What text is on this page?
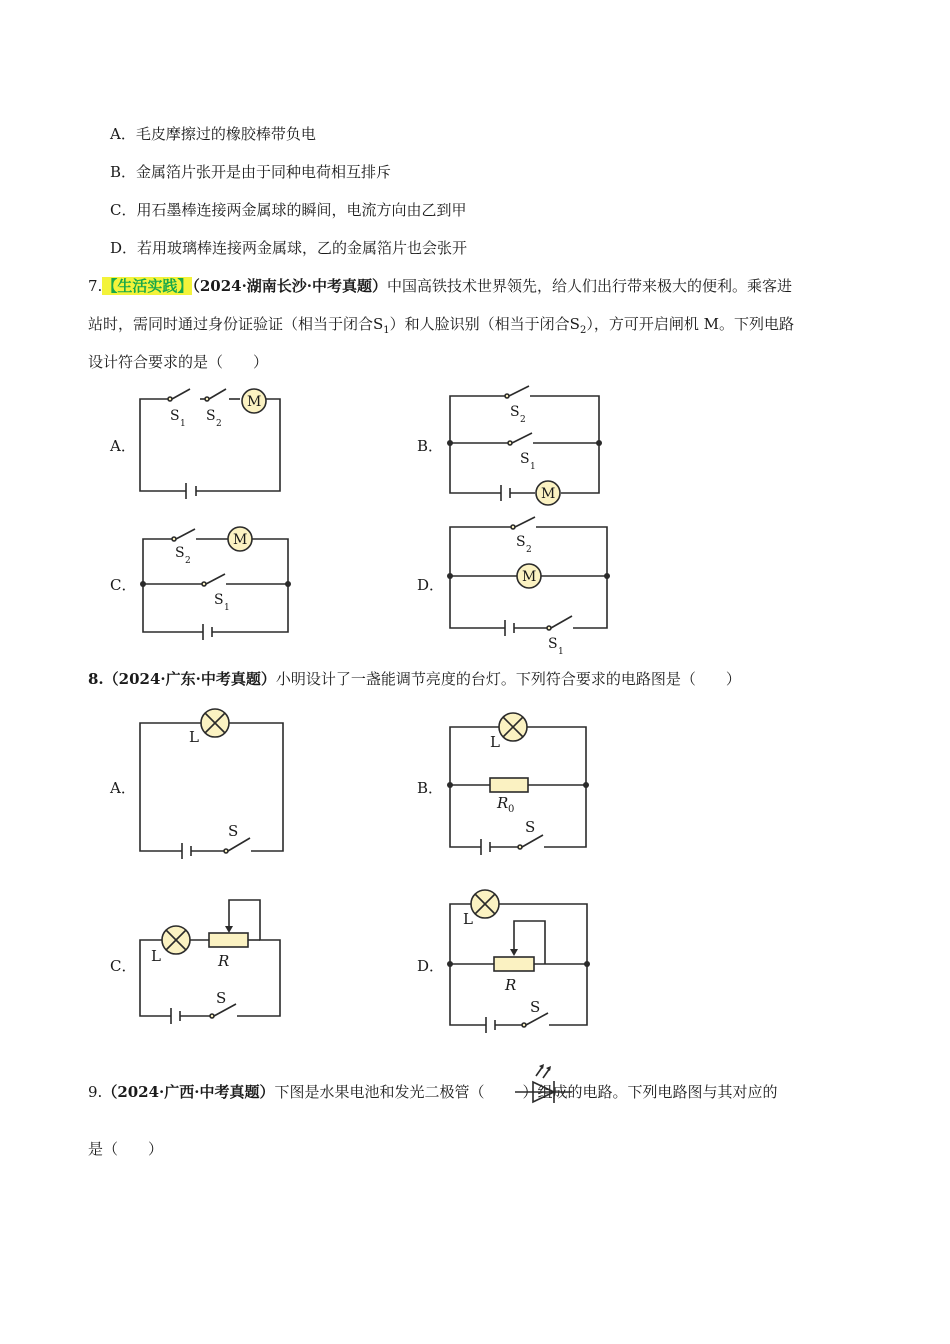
A．毛皮摩擦过的橡胶棒带负电
B．金属箔片张开是由于同种电荷相互排斥
C．用石墨棒连接两金属球的瞬间，电流方向由乙到甲
D．若用玻璃棒连接两金属球，乙的金属箔片也会张开
7.【生活实践】（2024·湖南长沙·中考真题）中国高铁技术世界领先，给人们出行带来极大的便利。乘客进
站时，需同时通过身份证验证（相当于闭合$S_1$）和人脸识别（相当于闭合$S_2$），方可开启闸机 M。下列电路
设计符合要求的是（　　）
A．	B．
C．	D．
M
S 1 S 2
M
S 2
S 1
M
S 2
S 1
M
S 2
S 1
8.（2024·广东·中考真题）小明设计了一盏能调节亮度的台灯。下列符合要求的电路图是（　　）
A．	B．
C．	D．
L
S
L
R 0
S
L	R
S
L
R
S
9.（2024·广西·中考真题）下图是水果电池和发光二极管（	）组成的电路。下列电路图与其对应的
是（　　）
